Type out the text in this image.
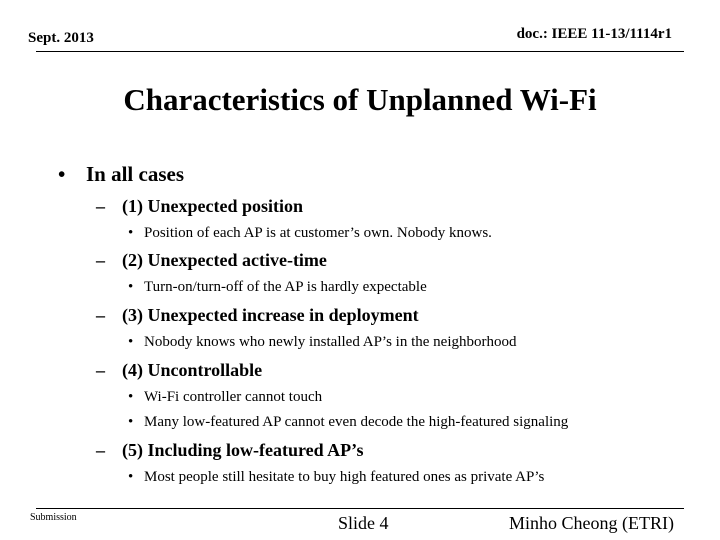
Sept. 2013	doc.: IEEE 11-13/1114r1
Characteristics of Unplanned Wi-Fi
• In all cases
– (1) Unexpected position
• Position of each AP is at customer’s own. Nobody knows.
– (2) Unexpected active-time
• Turn-on/turn-off of the AP is hardly expectable
– (3) Unexpected increase in deployment
• Nobody knows who newly installed AP’s in the neighborhood
– (4) Uncontrollable
• Wi-Fi controller cannot touch
• Many low-featured AP cannot even decode the high-featured signaling
– (5) Including low-featured AP’s
• Most people still hesitate to buy high featured ones as private AP’s
Submission	Slide 4	Minho Cheong (ETRI)
